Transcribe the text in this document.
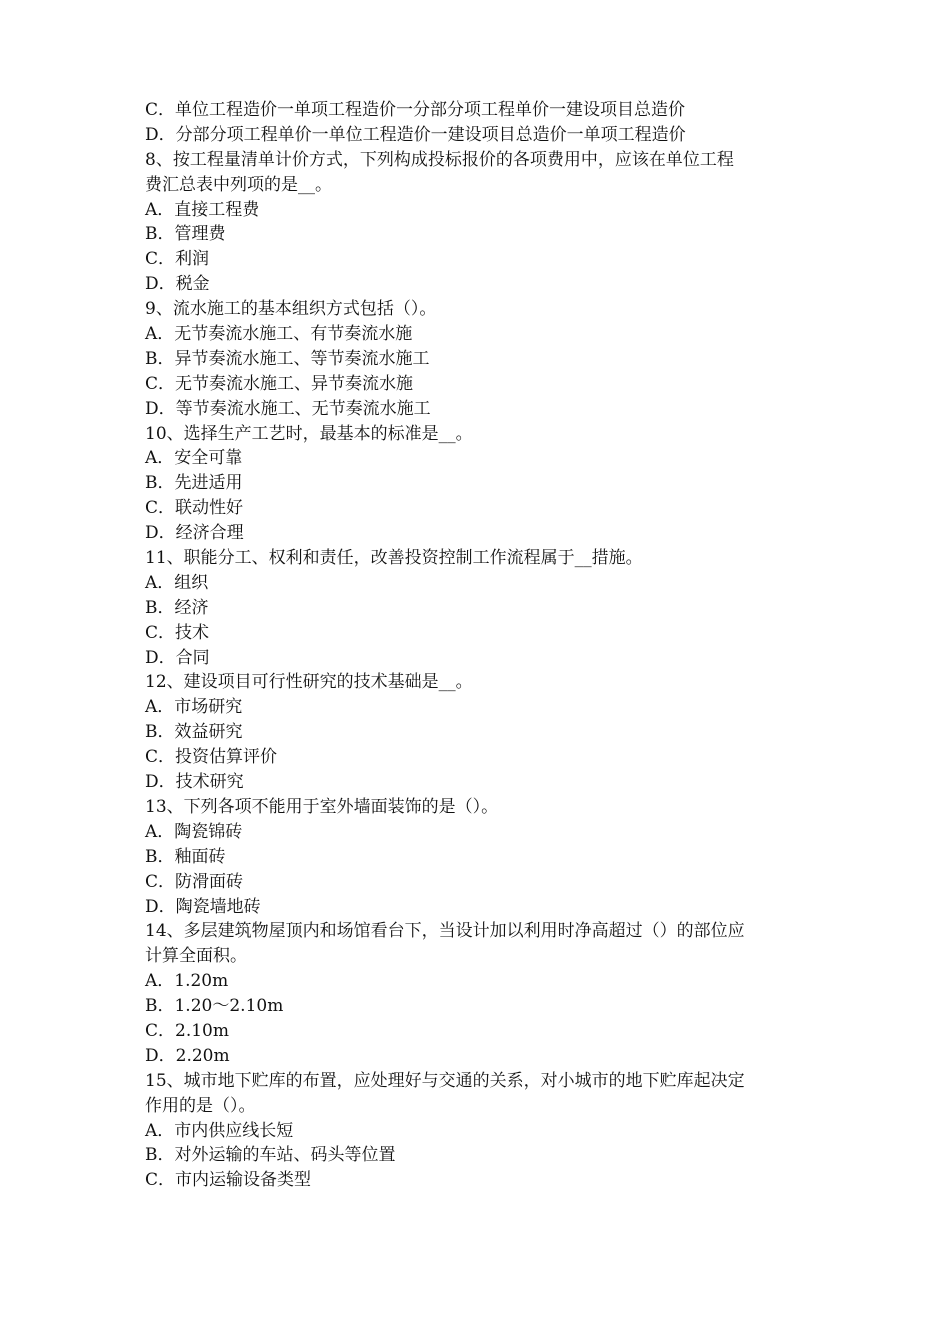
C．单位工程造价一单项工程造价一分部分项工程单价一建设项目总造价
D．分部分项工程单价一单位工程造价一建设项目总造价一单项工程造价
8、按工程量清单计价方式，下列构成投标报价的各项费用中，应该在单位工程
费汇总表中列项的是__。
A．直接工程费
B．管理费
C．利润
D．税金
9、流水施工的基本组织方式包括（）。
A．无节奏流水施工、有节奏流水施
B．异节奏流水施工、等节奏流水施工
C．无节奏流水施工、异节奏流水施
D．等节奏流水施工、无节奏流水施工
10、选择生产工艺时，最基本的标准是__。
A．安全可靠
B．先进适用
C．联动性好
D．经济合理
11、职能分工、权利和责任，改善投资控制工作流程属于__措施。
A．组织
B．经济
C．技术
D．合同
12、建设项目可行性研究的技术基础是__。
A．市场研究
B．效益研究
C．投资估算评价
D．技术研究
13、下列各项不能用于室外墙面装饰的是（）。
A．陶瓷锦砖
B．釉面砖
C．防滑面砖
D．陶瓷墙地砖
14、多层建筑物屋顶内和场馆看台下，当设计加以利用时净高超过（）的部位应
计算全面积。
A．1.20m
B．1.20～2.10m
C．2.10m
D．2.20m
15、城市地下贮库的布置，应处理好与交通的关系，对小城市的地下贮库起决定
作用的是（）。
A．市内供应线长短
B．对外运输的车站、码头等位置
C．市内运输设备类型
